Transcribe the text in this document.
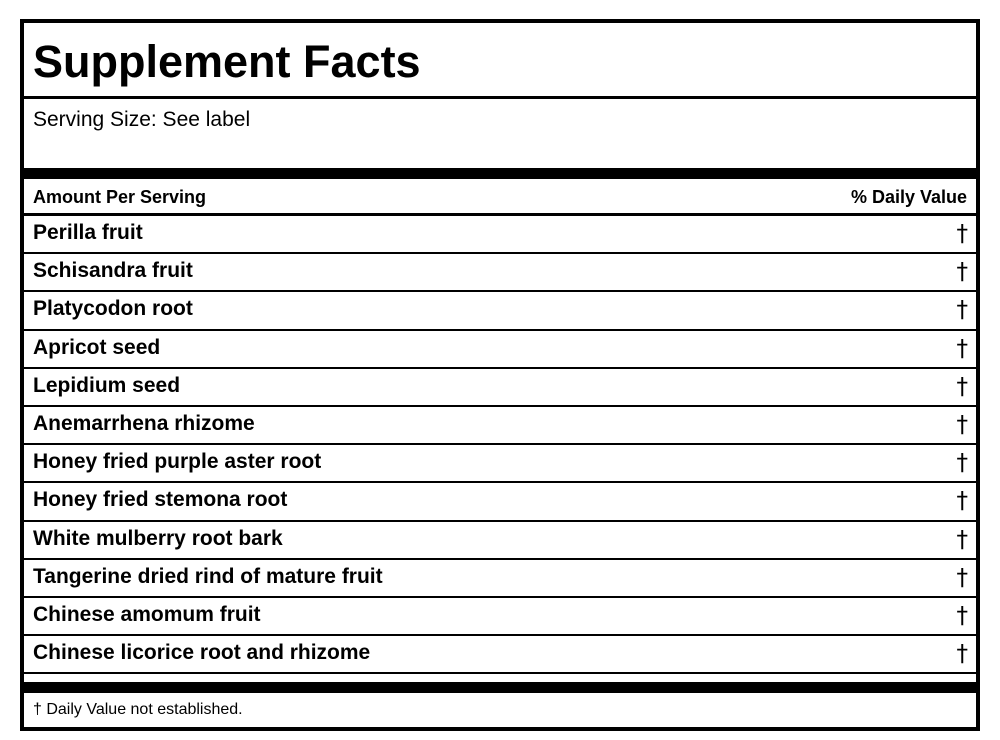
Supplement Facts
Serving Size: See label
Amount Per Serving	% Daily Value
Perilla fruit	†
Schisandra fruit	†
Platycodon root	†
Apricot seed	†
Lepidium seed	†
Anemarrhena rhizome	†
Honey fried purple aster root	†
Honey fried stemona root	†
White mulberry root bark	†
Tangerine dried rind of mature fruit	†
Chinese amomum fruit	†
Chinese licorice root and rhizome	†
† Daily Value not established.
